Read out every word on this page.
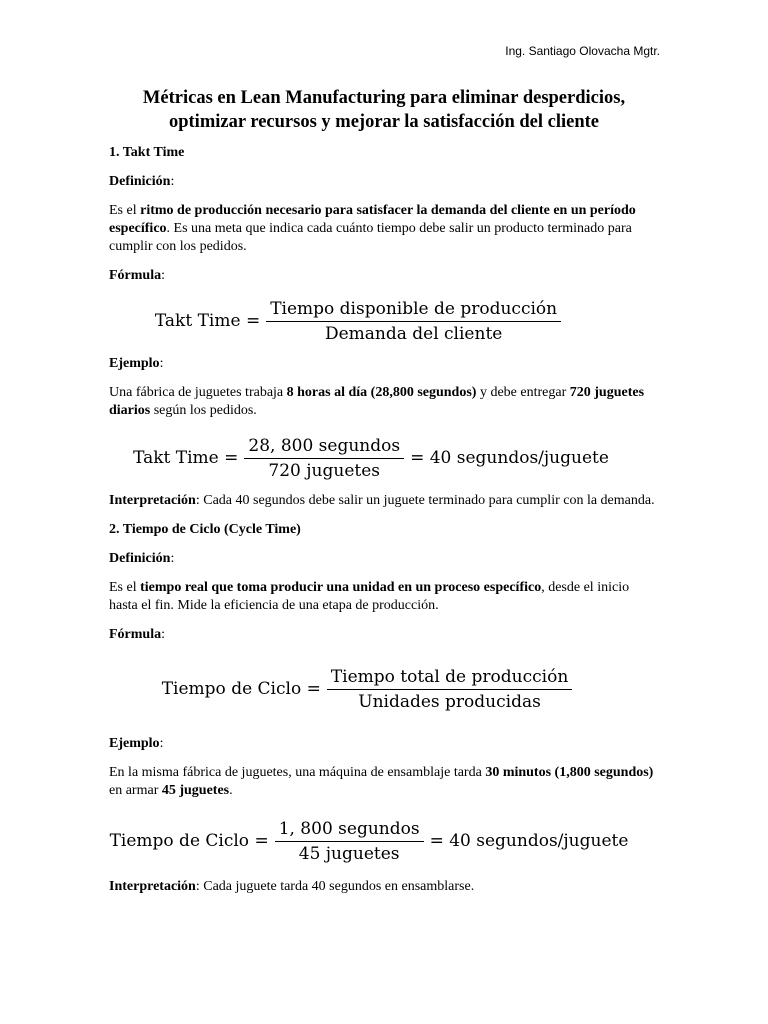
Ing. Santiago Olovacha Mgtr.
Métricas en Lean Manufacturing para eliminar desperdicios,
optimizar recursos y mejorar la satisfacción del cliente

1. Takt Time

Definición:

Es el ritmo de producción necesario para satisfacer la demanda del cliente en un período específico. Es una meta que indica cada cuánto tiempo debe salir un producto terminado para cumplir con los pedidos.

Fórmula:

Takt Time = $\frac{\text{Tiempo disponible de producción}}{\text{Demanda del cliente}}$

Ejemplo:

Una fábrica de juguetes trabaja 8 horas al día (28,800 segundos) y debe entregar 720 juguetes diarios según los pedidos.

Takt Time = $\frac{\text{28, 800 segundos}}{\text{720 juguetes}} = 40$ segundos/juguete

Interpretación: Cada 40 segundos debe salir un juguete terminado para cumplir con la demanda.

2. Tiempo de Ciclo (Cycle Time)

Definición:

Es el tiempo real que toma producir una unidad en un proceso específico, desde el inicio hasta el fin. Mide la eficiencia de una etapa de producción.

Fórmula:

Tiempo de Ciclo = $\frac{\text{Tiempo total de producción}}{\text{Unidades producidas}}$

Ejemplo:

En la misma fábrica de juguetes, una máquina de ensamblaje tarda 30 minutos (1,800 segundos) en armar 45 juguetes.

Tiempo de Ciclo = $\frac{\text{1, 800 segundos}}{\text{45 juguetes}} = 40$ segundos/juguete

Interpretación: Cada juguete tarda 40 segundos en ensamblarse.
